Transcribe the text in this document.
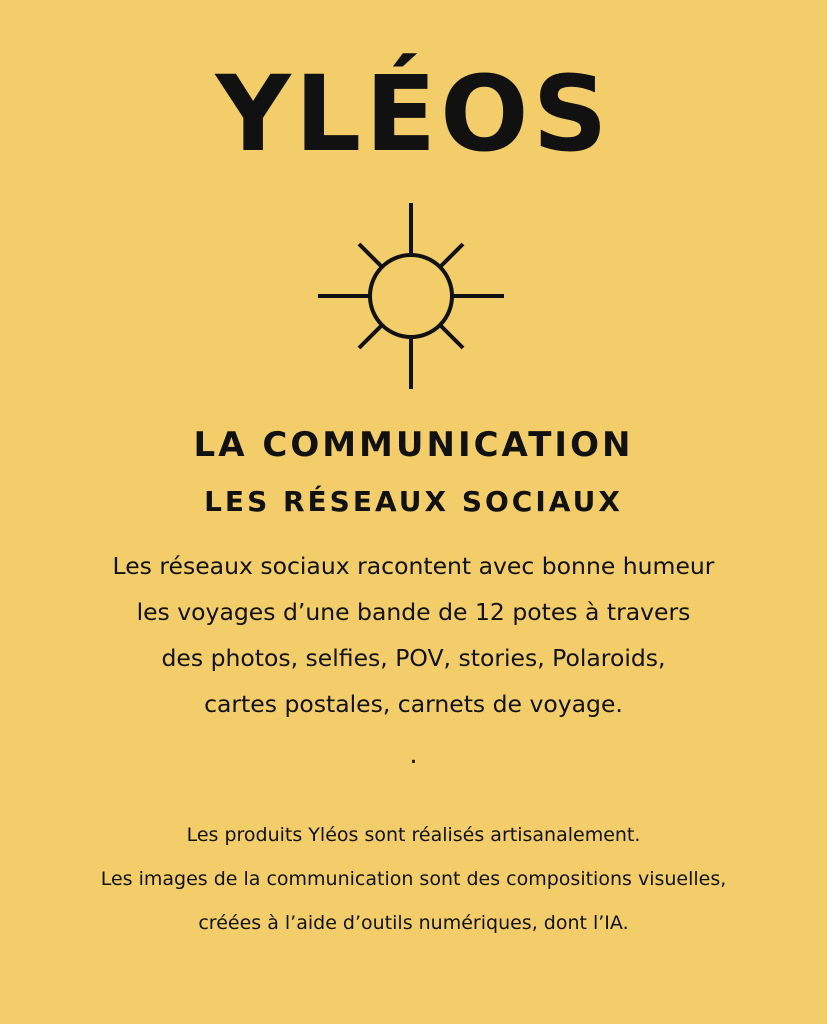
YLÉOS
LA COMMUNICATION
LES RÉSEAUX SOCIAUX
Les réseaux sociaux racontent avec bonne humeur
les voyages d’une bande de 12 potes à travers
des photos, selfies, POV, stories, Polaroids,
cartes postales, carnets de voyage.
.
Les produits Yléos sont réalisés artisanalement.
Les images de la communication sont des compositions visuelles,
créées à l’aide d’outils numériques, dont l’IA.
